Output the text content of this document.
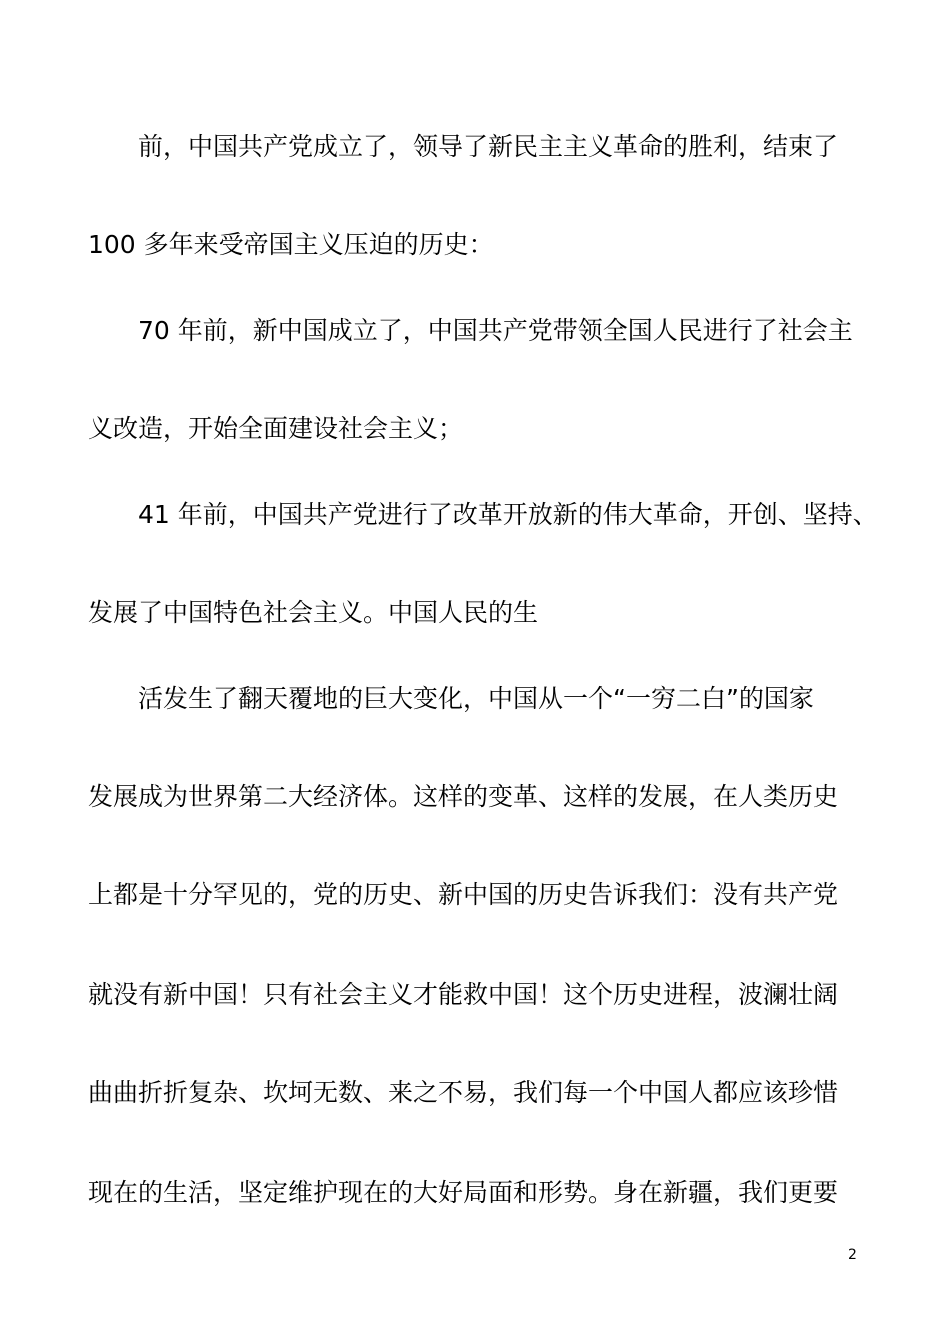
前，中国共产党成立了，领导了新民主主义革命的胜利，结束了
100 多年来受帝国主义压迫的历史：
70 年前，新中国成立了，中国共产党带领全国人民进行了社会主
义改造，开始全面建设社会主义；
41 年前，中国共产党进行了改革开放新的伟大革命，开创、坚持、
发展了中国特色社会主义。中国人民的生
活发生了翻天覆地的巨大变化，中国从一个“一穷二白”的国家
发展成为世界第二大经济体。这样的变革、这样的发展，在人类历史
上都是十分罕见的，党的历史、新中国的历史告诉我们：没有共产党
就没有新中国！只有社会主义才能救中国！这个历史进程，波澜壮阔
曲曲折折复杂、坎坷无数、来之不易，我们每一个中国人都应该珍惜
现在的生活，坚定维护现在的大好局面和形势。身在新疆，我们更要
2
